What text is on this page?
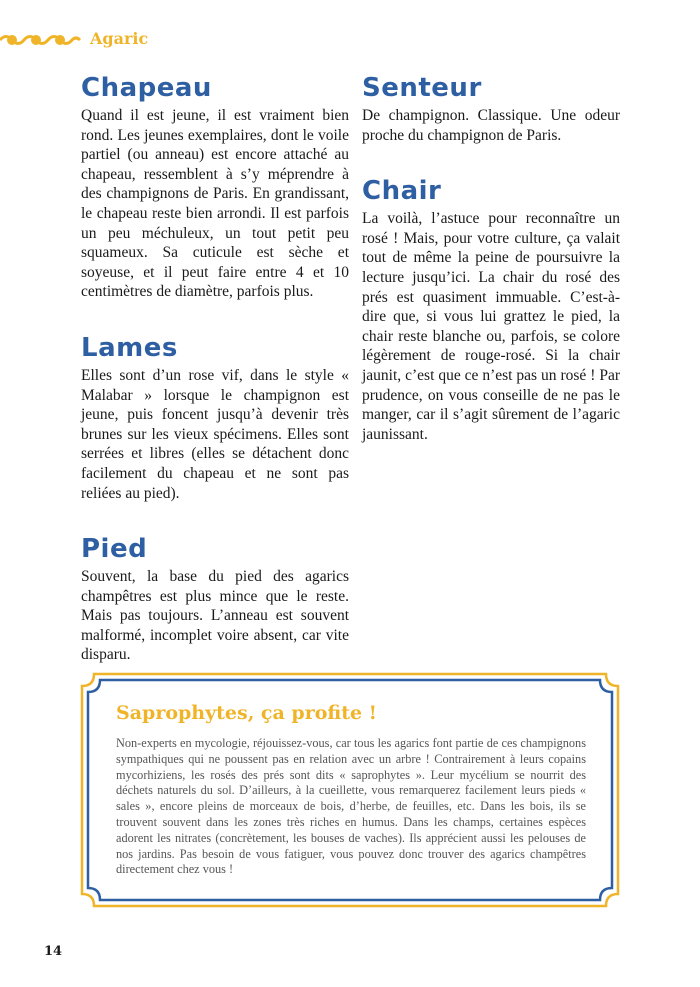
Agaric
Chapeau

Quand il est jeune, il est vraiment bien rond. Les jeunes exemplaires, dont le voile partiel (ou anneau) est encore attaché au chapeau, ressemblent à s’y méprendre à des champignons de Paris. En grandissant, le chapeau reste bien arrondi. Il est parfois un peu méchuleux, un tout petit peu squameux. Sa cuticule est sèche et soyeuse, et il peut faire entre 4 et 10 centimètres de diamètre, parfois plus.

Lames

Elles sont d’un rose vif, dans le style « Malabar » lorsque le champignon est jeune, puis foncent jusqu’à devenir très brunes sur les vieux spécimens. Elles sont serrées et libres (elles se détachent donc facilement du chapeau et ne sont pas reliées au pied).

Pied

Souvent, la base du pied des agarics champêtres est plus mince que le reste. Mais pas toujours. L’anneau est souvent malformé, incomplet voire absent, car vite disparu.

Senteur

De champignon. Classique. Une odeur proche du champignon de Paris.

Chair

La voilà, l’astuce pour reconnaître un rosé ! Mais, pour votre culture, ça valait tout de même la peine de poursuivre la lecture jusqu’ici. La chair du rosé des prés est quasiment immuable. C’est-à-dire que, si vous lui grattez le pied, la chair reste blanche ou, parfois, se colore légèrement de rouge-rosé. Si la chair jaunit, c’est que ce n’est pas un rosé ! Par prudence, on vous conseille de ne pas le manger, car il s’agit sûrement de l’agaric jaunissant.

Saprophytes, ça profite !

Non-experts en mycologie, réjouissez-vous, car tous les agarics font partie de ces champignons sympathiques qui ne poussent pas en relation avec un arbre ! Contrairement à leurs copains mycorhiziens, les rosés des prés sont dits « saprophytes ». Leur mycélium se nourrit des déchets naturels du sol. D’ailleurs, à la cueillette, vous remarquerez facilement leurs pieds « sales », encore pleins de morceaux de bois, d’herbe, de feuilles, etc. Dans les bois, ils se trouvent souvent dans les zones très riches en humus. Dans les champs, certaines espèces adorent les nitrates (concrètement, les bouses de vaches). Ils apprécient aussi les pelouses de nos jardins. Pas besoin de vous fatiguer, vous pouvez donc trouver des agarics champêtres directement chez vous !

14
